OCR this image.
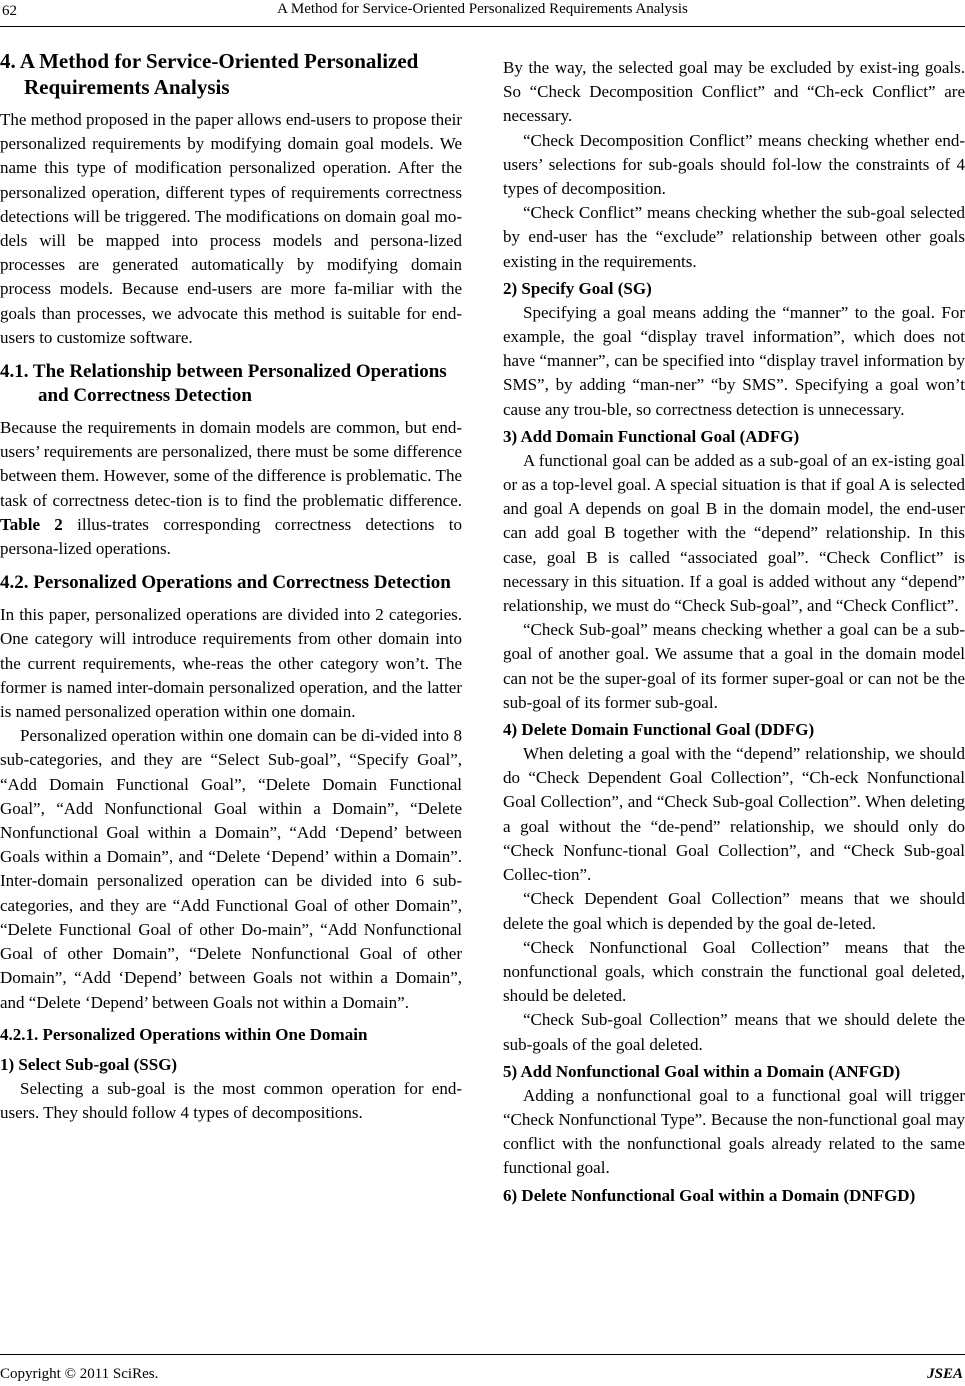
62	A Method for Service-Oriented Personalized Requirements Analysis
4. A Method for Service-Oriented Personalized Requirements Analysis

The method proposed in the paper allows end-users to propose their personalized requirements by modifying domain goal models. We name this type of modification personalized operation. After the personalized operation, different types of requirements correctness detections will be triggered. The modifications on domain goal mo-dels will be mapped into process models and persona-lized processes are generated automatically by modifying domain process models. Because end-users are more fa-miliar with the goals than processes, we advocate this method is suitable for end-users to customize software.

4.1. The Relationship between Personalized Operations and Correctness Detection

Because the requirements in domain models are common, but end-users’ requirements are personalized, there must be some difference between them. However, some of the difference is problematic. The task of correctness detec-tion is to find the problematic difference. Table 2 illus-trates corresponding correctness detections to persona-lized operations.

4.2. Personalized Operations and Correctness Detection

In this paper, personalized operations are divided into 2 categories. One category will introduce requirements from other domain into the current requirements, whe-reas the other category won’t. The former is named inter-domain personalized operation, and the latter is named personalized operation within one domain.

Personalized operation within one domain can be di-vided into 8 sub-categories, and they are “Select Sub-goal”, “Specify Goal”, “Add Domain Functional Goal”, “Delete Domain Functional Goal”, “Add Nonfunctional Goal within a Domain”, “Delete Nonfunctional Goal within a Domain”, “Add ‘Depend’ between Goals within a Domain”, and “Delete ‘Depend’ within a Domain”. Inter-domain personalized operation can be divided into 6 sub-categories, and they are “Add Functional Goal of other Domain”, “Delete Functional Goal of other Do-main”, “Add Nonfunctional Goal of other Domain”, “Delete Nonfunctional Goal of other Domain”, “Add ‘Depend’ between Goals not within a Domain”, and “Delete ‘Depend’ between Goals not within a Domain”.

4.2.1. Personalized Operations within One Domain
1) Select Sub-goal (SSG)

Selecting a sub-goal is the most common operation for end-users. They should follow 4 types of decompositions.

By the way, the selected goal may be excluded by exist-ing goals. So “Check Decomposition Conflict” and “Ch-eck Conflict” are necessary.

“Check Decomposition Conflict” means checking whether end-users’ selections for sub-goals should fol-low the constraints of 4 types of decomposition.

“Check Conflict” means checking whether the sub-goal selected by end-user has the “exclude” relationship between other goals existing in the requirements.

2) Specify Goal (SG)

Specifying a goal means adding the “manner” to the goal. For example, the goal “display travel information”, which does not have “manner”, can be specified into “display travel information by SMS”, by adding “man-ner” “by SMS”. Specifying a goal won’t cause any trou-ble, so correctness detection is unnecessary.

3) Add Domain Functional Goal (ADFG)

A functional goal can be added as a sub-goal of an ex-isting goal or as a top-level goal. A special situation is that if goal A is selected and goal A depends on goal B in the domain model, the end-user can add goal B together with the “depend” relationship. In this case, goal B is called “associated goal”. “Check Conflict” is necessary in this situation. If a goal is added without any “depend” relationship, we must do “Check Sub-goal”, and “Check Conflict”.

“Check Sub-goal” means checking whether a goal can be a sub-goal of another goal. We assume that a goal in the domain model can not be the super-goal of its former super-goal or can not be the sub-goal of its former sub-goal.

4) Delete Domain Functional Goal (DDFG)

When deleting a goal with the “depend” relationship, we should do “Check Dependent Goal Collection”, “Ch-eck Nonfunctional Goal Collection”, and “Check Sub-goal Collection”. When deleting a goal without the “de-pend” relationship, we should only do “Check Nonfunc-tional Goal Collection”, and “Check Sub-goal Collec-tion”.

“Check Dependent Goal Collection” means that we should delete the goal which is depended by the goal de-leted.

“Check Nonfunctional Goal Collection” means that the nonfunctional goals, which constrain the functional goal deleted, should be deleted.

“Check Sub-goal Collection” means that we should delete the sub-goals of the goal deleted.

5) Add Nonfunctional Goal within a Domain (ANFGD)

Adding a nonfunctional goal to a functional goal will trigger “Check Nonfunctional Type”. Because the non-functional goal may conflict with the nonfunctional goals already related to the same functional goal.

6) Delete Nonfunctional Goal within a Domain (DNFGD)
Copyright © 2011 SciRes.	JSEA
